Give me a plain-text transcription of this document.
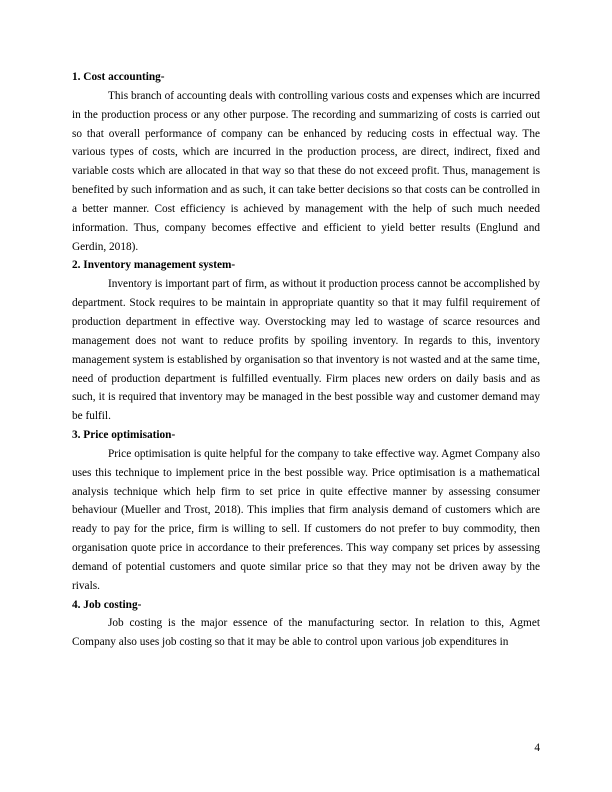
1. Cost accounting-

This branch of accounting deals with controlling various costs and expenses which are incurred in the production process or any other purpose. The recording and summarizing of costs is carried out so that overall performance of company can be enhanced by reducing costs in effectual way. The various types of costs, which are incurred in the production process, are direct, indirect, fixed and variable costs which are allocated in that way so that these do not exceed profit. Thus, management is benefited by such information and as such, it can take better decisions so that costs can be controlled in a better manner. Cost efficiency is achieved by management with the help of such much needed information. Thus, company becomes effective and efficient to yield better results (Englund and Gerdin, 2018).

2. Inventory management system-

Inventory is important part of firm, as without it production process cannot be accomplished by department. Stock requires to be maintain in appropriate quantity so that it may fulfil requirement of production department in effective way. Overstocking may led to wastage of scarce resources and management does not want to reduce profits by spoiling inventory. In regards to this, inventory management system is established by organisation so that inventory is not wasted and at the same time, need of production department is fulfilled eventually. Firm places new orders on daily basis and as such, it is required that inventory may be managed in the best possible way and customer demand may be fulfil.

3. Price optimisation-

Price optimisation is quite helpful for the company to take effective way. Agmet Company also uses this technique to implement price in the best possible way. Price optimisation is a mathematical analysis technique which help firm to set price in quite effective manner by assessing consumer behaviour (Mueller and Trost, 2018). This implies that firm analysis demand of customers which are ready to pay for the price, firm is willing to sell. If customers do not prefer to buy commodity, then organisation quote price in accordance to their preferences. This way company set prices by assessing demand of potential customers and quote similar price so that they may not be driven away by the rivals.

4. Job costing-

Job costing is the major essence of the manufacturing sector. In relation to this, Agmet Company also uses job costing so that it may be able to control upon various job expenditures in

4
